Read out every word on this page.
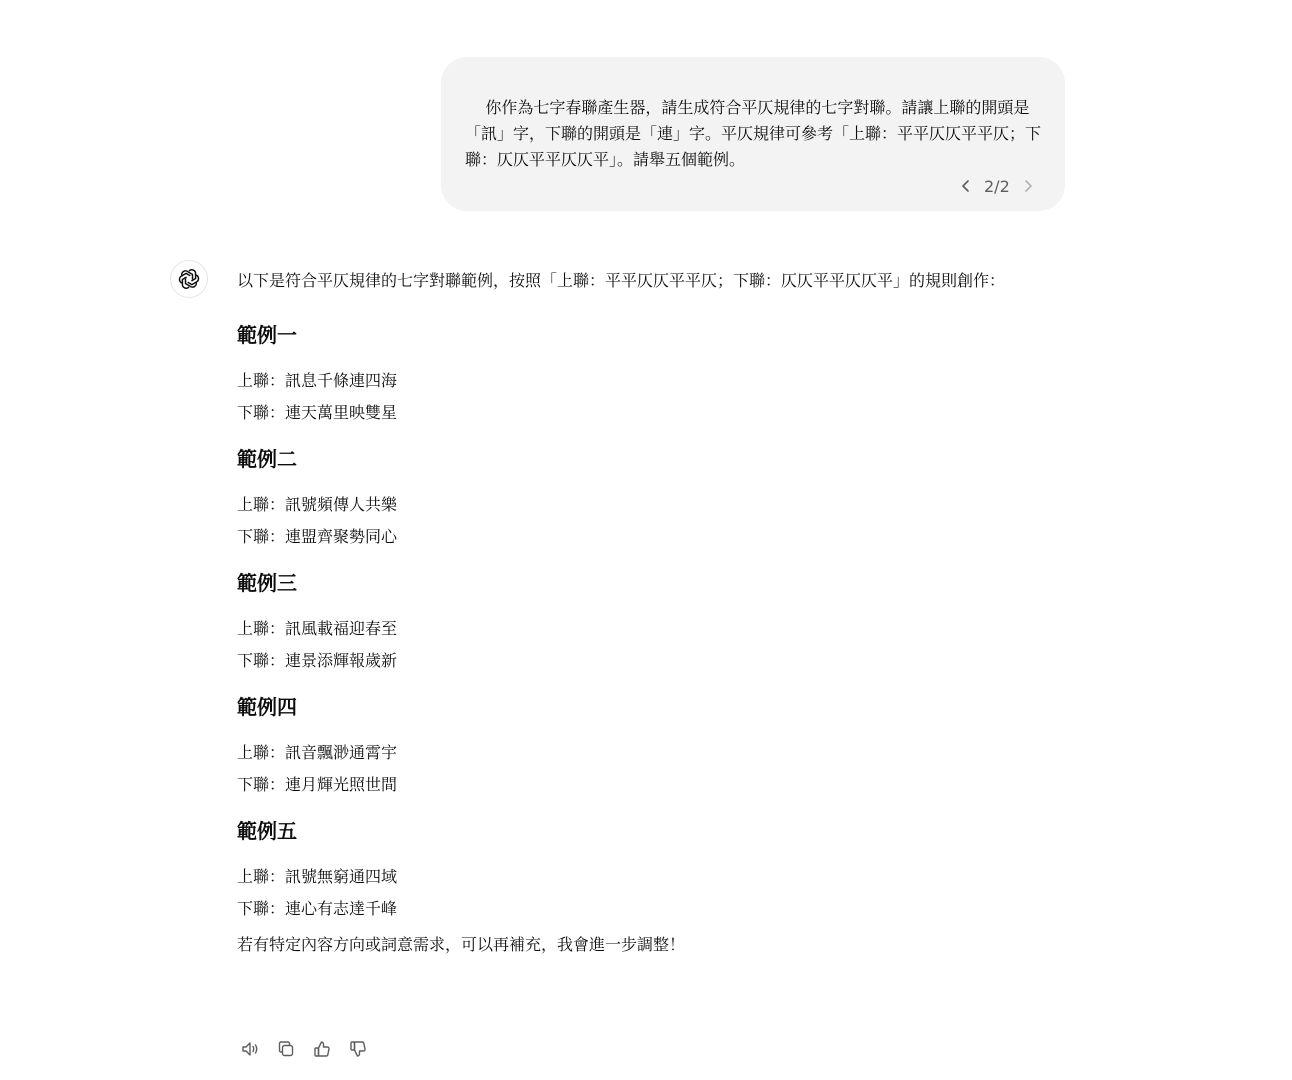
你作為七字春聯產生器，請生成符合平仄規律的七字對聯。請讓上聯的開頭是「訊」字，下聯的開頭是「連」字。平仄規律可參考「上聯：平平仄仄平平仄；下聯：仄仄平平仄仄平」。請舉五個範例。

2/2

以下是符合平仄規律的七字對聯範例，按照「上聯：平平仄仄平平仄；下聯：仄仄平平仄仄平」的規則創作：

範例一

上聯：訊息千條連四海

下聯：連天萬里映雙星

範例二

上聯：訊號頻傳人共樂

下聯：連盟齊聚勢同心

範例三

上聯：訊風載福迎春至

下聯：連景添輝報歲新

範例四

上聯：訊音飄渺通霄宇

下聯：連月輝光照世間

範例五

上聯：訊號無窮通四域

下聯：連心有志達千峰

若有特定內容方向或詞意需求，可以再補充，我會進一步調整！
